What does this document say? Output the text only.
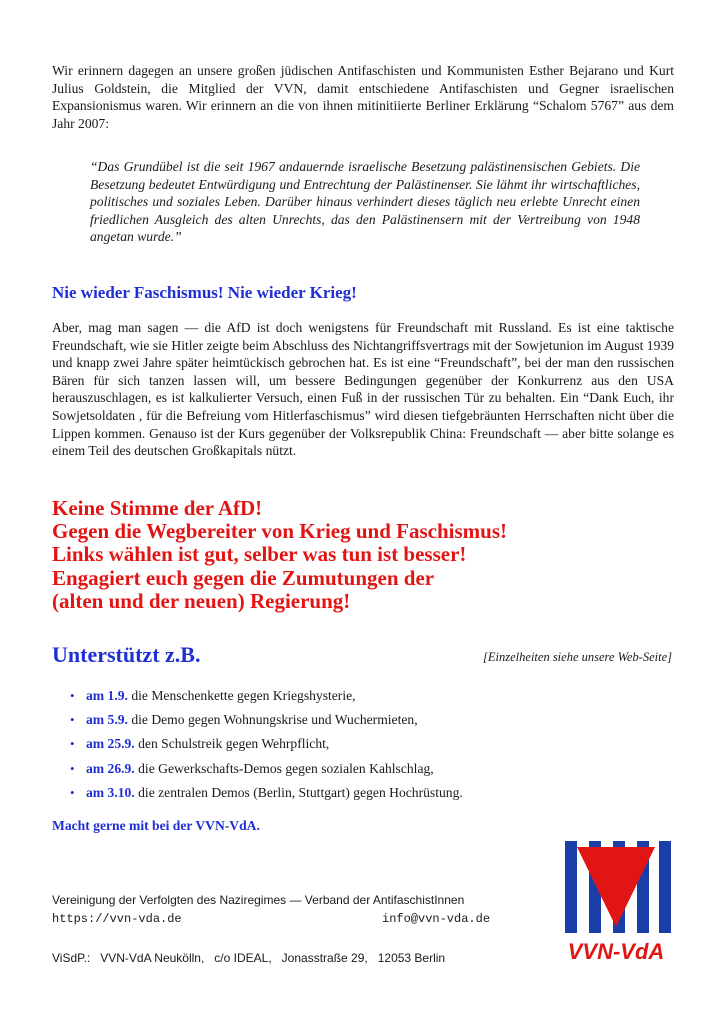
Wir erinnern dagegen an unsere großen jüdischen Antifaschisten und Kommunisten Esther Bejarano und Kurt Julius Goldstein, die Mitglied der VVN, damit entschiedene Antifaschisten und Gegner israelischen Expansionismus waren. Wir erinnern an die von ihnen mitinitiierte Berliner Erklärung “Schalom 5767” aus dem Jahr 2007:

“Das Grundübel ist die seit 1967 andauernde israelische Besetzung palästinensischen Gebiets. Die Besetzung bedeutet Entwürdigung und Entrechtung der Palästinenser. Sie lähmt ihr wirtschaftliches, politisches und soziales Leben. Darüber hinaus verhindert dieses täglich neu erlebte Unrecht einen friedlichen Ausgleich des alten Unrechts, das den Palästinensern mit der Vertreibung von 1948 angetan wurde.”

Nie wieder Faschismus! Nie wieder Krieg!

Aber, mag man sagen — die AfD ist doch wenigstens für Freundschaft mit Russland. Es ist eine taktische Freundschaft, wie sie Hitler zeigte beim Abschluss des Nichtangriffsvertrags mit der Sowjetunion im August 1939 und knapp zwei Jahre später heimtückisch gebrochen hat. Es ist eine “Freundschaft”, bei der man den russischen Bären für sich tanzen lassen will, um bessere Bedingungen gegenüber der Konkurrenz aus den USA herauszuschlagen, es ist kalkulierter Versuch, einen Fuß in der russischen Tür zu behalten. Ein “Dank Euch, ihr Sowjetsoldaten , für die Befreiung vom Hitlerfaschismus” wird diesen tiefgebräunten Herrschaften nicht über die Lippen kommen. Genauso ist der Kurs gegenüber der Volksrepublik China: Freundschaft — aber bitte solange es einem Teil des deutschen Großkapitals nützt.

Keine Stimme der AfD!
Gegen die Wegbereiter von Krieg und Faschismus!
Links wählen ist gut, selber was tun ist besser!
Engagiert euch gegen die Zumutungen der
(alten und der neuen) Regierung!
Unterstützt z.B.	[Einzelheiten siehe unsere Web-Seite]
• am 1.9. die Menschenkette gegen Kriegshysterie,
• am 5.9. die Demo gegen Wohnungskrise und Wuchermieten,
• am 25.9. den Schulstreik gegen Wehrpflicht,
• am 26.9. die Gewerkschafts-Demos gegen sozialen Kahlschlag,
• am 3.10. die zentralen Demos (Berlin, Stuttgart) gegen Hochrüstung.

Macht gerne mit bei der VVN-VdA.

Vereinigung der Verfolgten des Naziregimes — Verband der AntifaschistInnen
https://vvn-vda.de	info@vvn-vda.de
ViSdP.:   VVN-VdA Neukölln,   c/o IDEAL,   Jonasstraße 29,   12053 Berlin	VVN-VdA
